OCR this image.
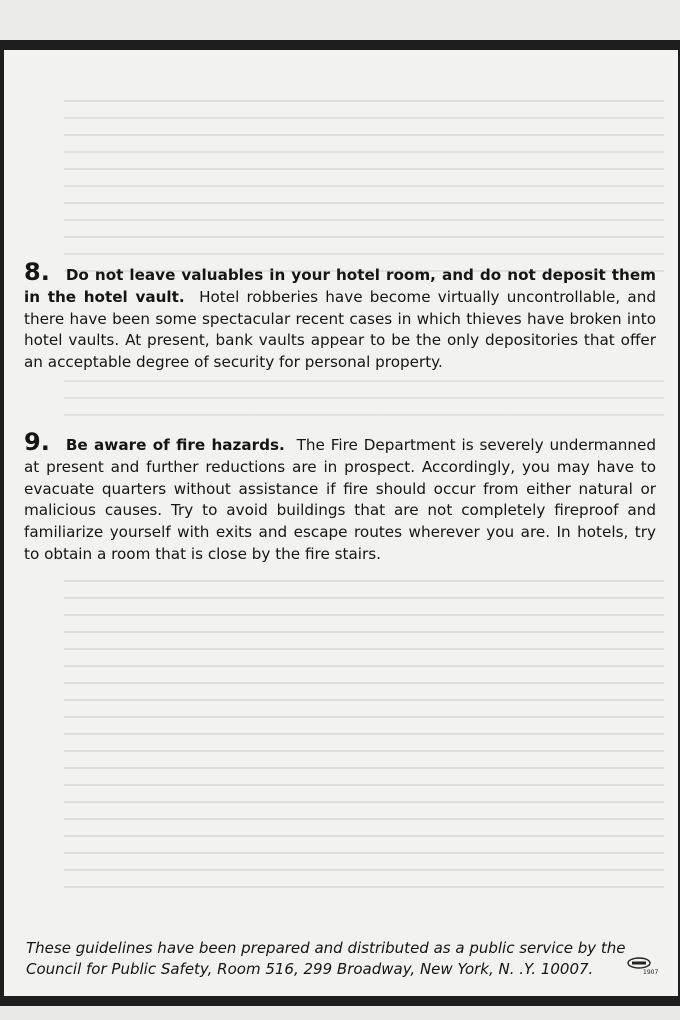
8. Do not leave valuables in your hotel room, and do not deposit them in the hotel vault. Hotel robberies have become virtually uncontrollable, and there have been some spectacular recent cases in which thieves have broken into hotel vaults. At present, bank vaults appear to be the only depositories that offer an acceptable degree of security for personal property.
9. Be aware of fire hazards. The Fire Department is severely undermanned at present and further reductions are in prospect. Accordingly, you may have to evacuate quarters without assistance if fire should occur from either natural or malicious causes. Try to avoid buildings that are not completely fireproof and familiarize yourself with exits and escape routes wherever you are. In hotels, try to obtain a room that is close by the fire stairs.
These guidelines have been prepared and distributed as a public service by the Council for Public Safety, Room 516, 299 Broadway, New York, N. .Y. 10007.	1907
